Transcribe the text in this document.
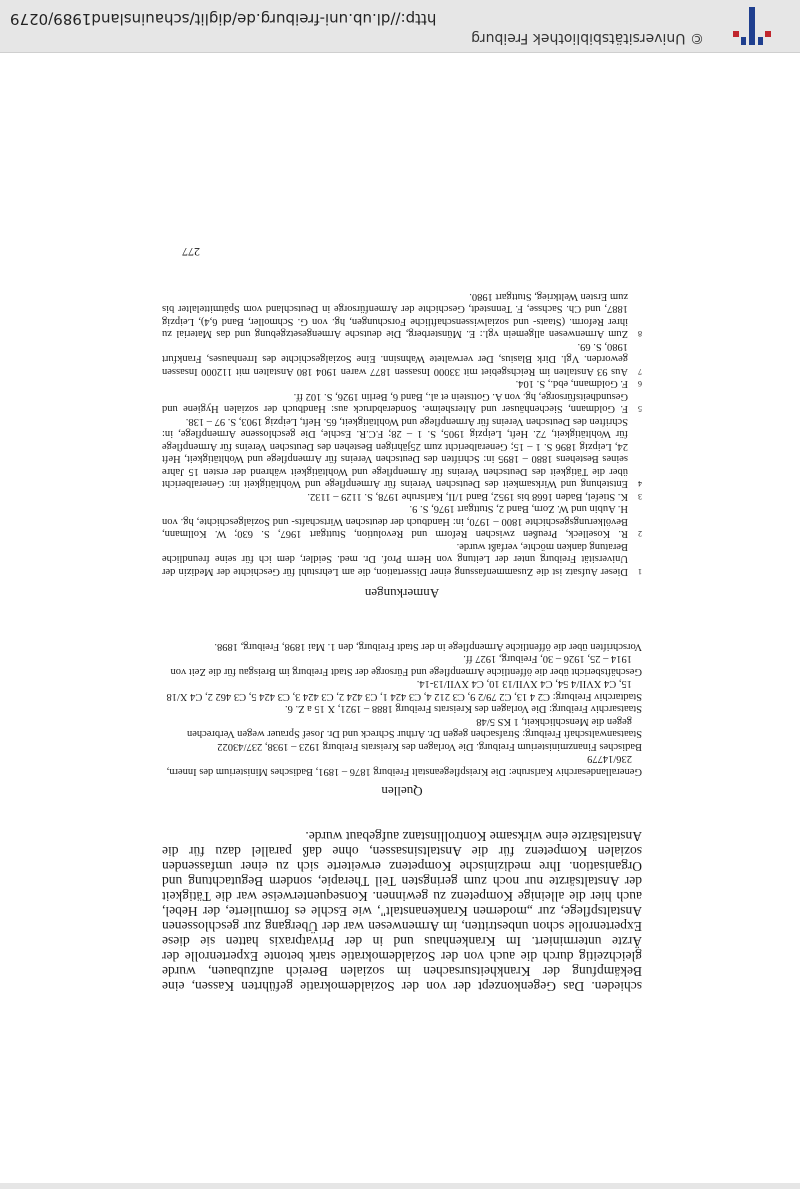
schieden. Das Gegenkonzept der von der Sozialdemokratie geführten Kassen, eine Bekämpfung der Krankheitsursachen im sozialen Bereich aufzubauen, wurde gleichzeitig durch die auch von der Sozialdemokratie stark betonte Expertenrolle der Ärzte unterminiert. Im Krankenhaus und in der Privatpraxis hatten sie diese Expertenrolle schon unbestritten, im Armenwesen war der Übergang zur geschlossenen Anstaltspflege, zur „modernen Krankenanstalt", wie Eschle es formulierte, der Hebel, auch hier die alleinige Kompetenz zu gewinnen. Konsequenterweise war die Tätigkeit der Anstaltsärzte nur noch zum geringsten Teil Therapie, sondern Begutachtung und Organisation. Ihre medizinische Kompetenz erweiterte sich zu einer umfassenden sozialen Kompetenz für die Anstaltsinsassen, ohne daß parallel dazu für die Anstaltsärzte eine wirksame Kontrollinstanz aufgebaut wurde.

Quellen
Generallandesarchiv Karlsruhe: Die Kreispflegeanstalt Freiburg 1876 – 1891, Badisches Ministerium des Innern, 236/14779
Badisches Finanzministerium Freiburg. Die Vorlagen des Kreisrats Freiburg 1923 – 1938, 237/43022
Staatsanwaltschaft Freiburg: Strafsachen gegen Dr. Arthur Schreck und Dr. Josef Sprauer wegen Verbrechen gegen die Menschlichkeit, 1 KS 5/48
Staatsarchiv Freiburg: Die Vorlagen des Kreisrats Freiburg 1888 – 1921, X 15 a Z. 6.
Stadtarchiv Freiburg: C2 4 13, C2 79/2 9, C3 212 4, C3 424 1, C3 424 2, C3 424 3, C3 424 5, C3 462 2, C4 X/18 15, C4 XVII/4 54, C4 XVII/13 10, C4 XVII/13-14.
Geschäftsbericht über die öffentliche Armenpflege und Fürsorge der Stadt Freiburg im Breisgau für die Zeit von 1914 – 25, 1926 – 30, Freiburg, 1927 ff.
Vorschriften über die öffentliche Armenpflege in der Stadt Freiburg, den 1. Mai 1898, Freiburg, 1898.
Anmerkungen
1
Dieser Aufsatz ist die Zusammenfassung einer Dissertation, die am Lehrstuhl für Geschichte der Medizin der Universität Freiburg unter der Leitung von Herrn Prof. Dr. med. Seidler, dem ich für seine freundliche Beratung danken möchte, verfaßt wurde.
2
R. Koselleck, Preußen zwischen Reform und Revolution, Stuttgart 1967, S. 630; W. Kollmann, Bevölkerungsgeschichte 1800 – 1970, in: Handbuch der deutschen Wirtschafts- und Sozialgeschichte, hg. von H. Aubin und W. Zorn, Band 2, Stuttgart 1976, S. 9.
3
K. Stiefel, Baden 1668 bis 1952, Band 1/II, Karlsruhe 1978, S. 1129 – 1132.
4
Entstehung und Wirksamkeit des Deutschen Vereins für Armenpflege und Wohltätigkeit in: Generalbericht über die Tätigkeit des Deutschen Vereins für Armenpflege und Wohltätigkeit während der ersten 15 Jahre seines Bestehens 1880 – 1895 in: Schriften des Deutschen Vereins für Armenpflege und Wohltätigkeit, Heft 24, Leipzig 1896 S. 1 – 15; Generalbericht zum 25jährigen Bestehen des Deutschen Vereins für Armenpflege für Wohltätigkeit, 72. Heft, Leipzig 1905, S. 1 – 28; F.C.R. Eschle, Die geschlossene Armenpflege, in: Schriften des Deutschen Vereins für Armenpflege und Wohltätigkeit, 65. Heft, Leipzig 1903, S. 97 – 138.
5
F. Goldmann, Siechenhäuser und Altersheime. Sonderabdruck aus: Handbuch der sozialen Hygiene und Gesundheitsfürsorge, hg. von A. Gottstein et al., Band 6, Berlin 1926, S. 102 ff.
6
F. Goldmann, ebd., S. 104.
7
Aus 93 Anstalten im Reichsgebiet mit 33000 Insassen 1877 waren 1904 180 Anstalten mit 112000 Insassen geworden. Vgl. Dirk Blasius, Der verwaltete Wahnsinn. Eine Sozialgeschichte des Irrenhauses, Frankfurt 1980, S. 69.
8
Zum Armenwesen allgemein vgl.: E. Münsterberg, Die deutsche Armengesetzgebung und das Material zu ihrer Reform. (Staats- und sozialwissenschaftliche Forschungen, hg. von G. Schmoller, Band 6,4), Leipzig 1887, und Ch. Sachsse, F. Tennstedt, Geschichte der Armenfürsorge in Deutschland vom Spätmittelalter bis zum Ersten Weltkrieg, Stuttgart 1980.
277
© Universitätsbibliothek Freiburg
http://dl.ub.uni-freiburg.de/diglit/schauinsland1989/0279
